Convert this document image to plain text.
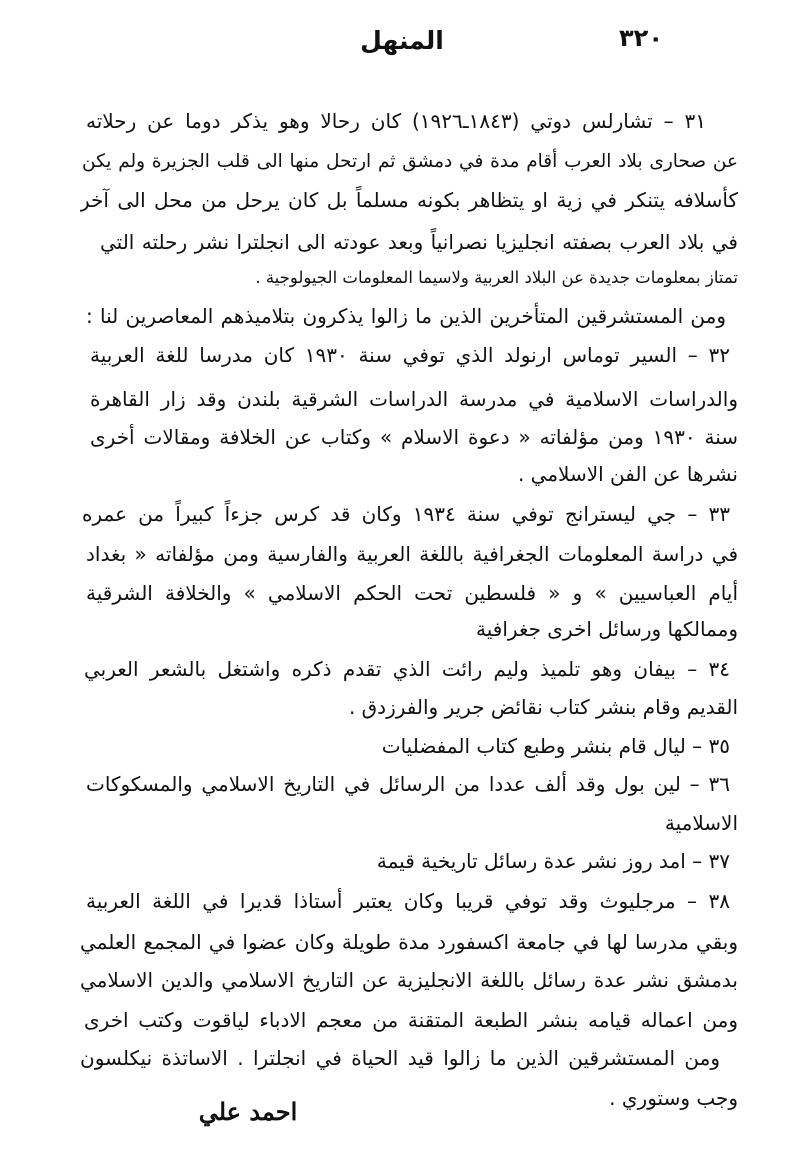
٣٢٠
المنهل
٣١ – تشارلس دوتي (١٨٤٣ـ١٩٢٦) كان رحالا وهو يذكر دوما عن رحلاته
عن صحارى بلاد العرب أقام مدة في دمشق ثم ارتحل منها الى قلب الجزيرة ولم يكن
كأسلافه يتنكر في زية او يتظاهر بكونه مسلماً بل كان يرحل من محل الى آخر
في بلاد العرب بصفته انجليزيا نصرانياً وبعد عودته الى انجلترا نشر رحلته التي
تمتاز بمعلومات جديدة عن البلاد العربية ولاسيما المعلومات الجيولوجية .
ومن المستشرقين المتأخرين الذين ما زالوا يذكرون بتلاميذهم المعاصرين لنا :
٣٢ – السير توماس ارنولد الذي توفي سنة ١٩٣٠ كان مدرسا للغة العربية
والدراسات الاسلامية في مدرسة الدراسات الشرقية بلندن وقد زار القاهرة
سنة ١٩٣٠ ومن مؤلفاته « دعوة الاسلام » وكتاب عن الخلافة ومقالات أخرى
نشرها عن الفن الاسلامي .
٣٣ – جي ليسترانج توفي سنة ١٩٣٤ وكان قد كرس جزءاً كبيراً من عمره
في دراسة المعلومات الجغرافية باللغة العربية والفارسية ومن مؤلفاته « بغداد
أيام العباسيين » و « فلسطين تحت الحكم الاسلامي » والخلافة الشرقية
وممالكها ورسائل اخرى جغرافية
٣٤ – بيفان وهو تلميذ وليم رائت الذي تقدم ذكره واشتغل بالشعر العربي
القديم وقام بنشر كتاب نقائض جرير والفرزدق .
٣٥ – ليال قام بنشر وطبع كتاب المفضليات
٣٦ – لين بول وقد ألف عددا من الرسائل في التاريخ الاسلامي والمسكوكات
الاسلامية
٣٧ – امد روز نشر عدة رسائل تاريخية قيمة
٣٨ – مرجليوث وقد توفي قريبا وكان يعتبر أستاذا قديرا في اللغة العربية
وبقي مدرسا لها في جامعة اكسفورد مدة طويلة وكان عضوا في المجمع العلمي
بدمشق نشر عدة رسائل باللغة الانجليزية عن التاريخ الاسلامي والدين الاسلامي
ومن اعماله قيامه بنشر الطبعة المتقنة من معجم الادباء لياقوت وكتب اخرى
ومن المستشرقين الذين ما زالوا قيد الحياة في انجلترا . الاساتذة نيكلسون
وجب وستوري .
احمد علي
